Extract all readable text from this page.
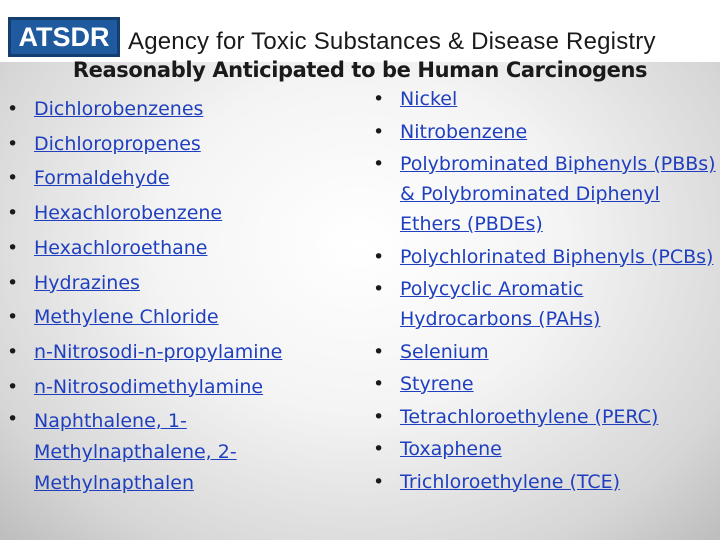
ATSDR Agency for Toxic Substances & Disease Registry
Reasonably Anticipated to be Human Carcinogens
• Dichlorobenzenes
• Dichloropropenes
• Formaldehyde
• Hexachlorobenzene
• Hexachloroethane
• Hydrazines
• Methylene Chloride
• n-Nitrosodi-n-propylamine
• n-Nitrosodimethylamine
• Naphthalene, 1-Methylnapthalene, 2-Methylnapthalen
• Nickel
• Nitrobenzene
• Polybrominated Biphenyls (PBBs) & Polybrominated Diphenyl Ethers (PBDEs)
• Polychlorinated Biphenyls (PCBs)
• Polycyclic Aromatic Hydrocarbons (PAHs)
• Selenium
• Styrene
• Tetrachloroethylene (PERC)
• Toxaphene
• Trichloroethylene (TCE)
